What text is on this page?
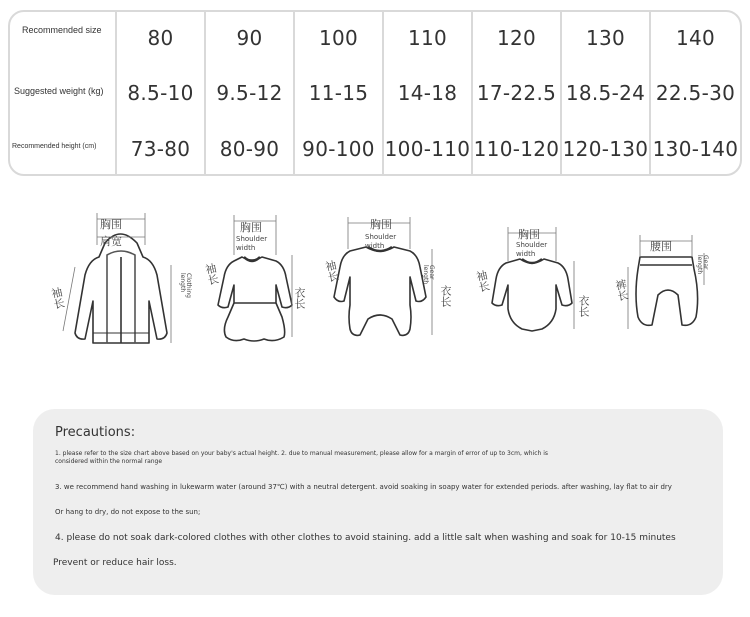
Recommended size
Suggested weight (kg)
Recommended height (cm)
80
8.5-10
73-80
90
9.5-12
80-90
100
11-15
90-100
110
14-18
100-110
120
17-22.5
110-120
130
18.5-24
120-130
140
22.5-30
130-140
胸围
肩宽
袖长
Clothing length
胸围
Shoulder width
袖长
衣长
胸围
Shoulder width
袖长
衣长
Gear length
胸围
Shoulder width
袖长
衣长
腰围
裤长
Gear length
Precautions:
1. please refer to the size chart above based on your baby's actual height. 2. due to manual measurement, please allow for a margin of error of up to 3cm, which is considered within the normal range
3. we recommend hand washing in lukewarm water (around 37℃) with a neutral detergent. avoid soaking in soapy water for extended periods. after washing, lay flat to air dry
Or hang to dry, do not expose to the sun;
4. please do not soak dark-colored clothes with other clothes to avoid staining. add a little salt when washing and soak for 10-15 minutes
Prevent or reduce hair loss.
